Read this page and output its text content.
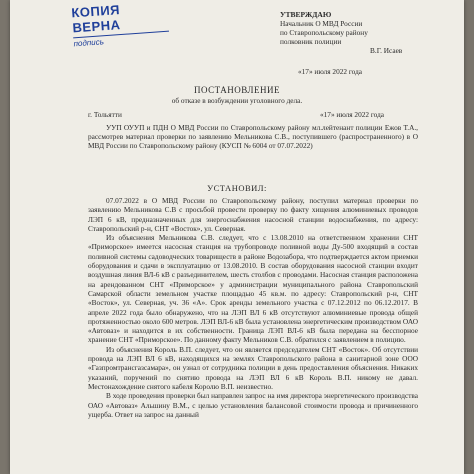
КОПИЯ ВЕРНА
подпись
УТВЕРЖДАЮ
Начальник О МВД России
по Ставропольскому району
полковник полиции
В.Г. Исаев
«17» июля 2022 года
ПОСТАНОВЛЕНИЕ
об отказе в возбуждении уголовного дела.
г. Тольятти	«17» июля 2022 года
УУП ОУУП и ПДН О МВД России по Ставропольскому району мл.лейтенант полиции Ежов Т.А., рассмотрев материал проверки по заявлению Мельникова С.В., поступившего (распространенного) в О МВД России по Ставропольскому району (КУСП № 6004 от 07.07.2022)
УСТАНОВИЛ:

07.07.2022 в О МВД России по Ставропольскому району, поступил материал проверки по заявлению Мельникова С.В с просьбой провести проверку по факту хищения алюминиевых проводов ЛЭП 6 кВ, предназначенных для энергоснабжения насосной станции водоснабжения, по адресу: Ставропольский р-н, СНТ «Восток», ул. Северная.

Из объяснения Мельникова С.В. следует, что с 13.08.2010 на ответственном хранении СНТ «Приморское» имеется насосная станция на трубопроводе поливной воды Ду-500 входящий в состав поливной системы садоводческих товариществ в районе Водозабора, что подтверждается актом приемки оборудования и сдачи в эксплуатацию от 13.08.2010. В состав оборудования насосной станции входит воздушная линия ВЛ-6 кВ с разъединителем, шесть столбов с проводами. Насосная станция расположена на арендованном СНТ «Приморское» у администрации муниципального района Ставропольский Самарской области земельном участке площадью 45 кв.м. по адресу: Ставропольский р-н, СНТ «Восток», ул. Северная, уч. 36 «А». Срок аренды земельного участка с 07.12.2012 по 06.12.2017. В апреле 2022 года было обнаружено, что на ЛЭП ВЛ 6 кВ отсутствуют алюминиевые провода общей протяженностью около 600 метров. ЛЭП ВЛ-6 кВ была установлена энергетическим производством ОАО «Автоваз» и находится в их собственности. Граница ЛЭП ВЛ-6 кВ была передана на бесспорное хранение СНТ «Приморское». По данному факту Мельников С.В. обратился с заявлением в полицию.

Из объяснения Король В.П. следует, что он является председателем СНТ «Восток». Об отсутствии провода на ЛЭП ВЛ 6 кВ, находящихся на землях Ставропольского района в санитарной зоне ООО «Газпромтрансгазсамара», он узнал от сотрудника полиции в день предоставления объяснения. Никаких указаний, поручений по снятию провода на ЛЭП ВЛ 6 кВ Король В.П. никому не давал. Местонахождение снятого кабеля Королю В.П. неизвестно.

В ходе проведения проверки был направлен запрос на имя директора энергетического производства ОАО «Автоваз» Альшину В.М., с целью установления балансовой стоимости провода и причиненного ущерба. Ответ на запрос на данный
